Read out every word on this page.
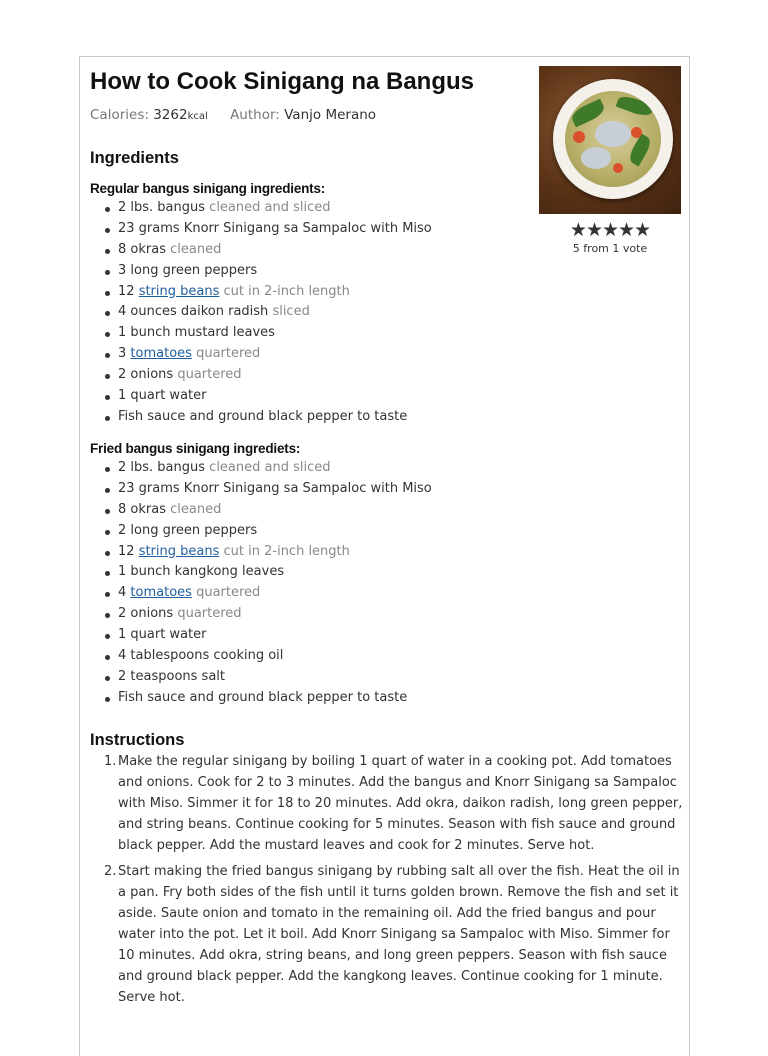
How to Cook Sinigang na Bangus
Calories: 3262kcal Author: Vanjo Merano
★★★★★
5 from 1 vote
Ingredients
Regular bangus sinigang ingredients:
2 lbs. bangus cleaned and sliced
23 grams Knorr Sinigang sa Sampaloc with Miso
8 okras cleaned
3 long green peppers
12 string beans cut in 2-inch length
4 ounces daikon radish sliced
1 bunch mustard leaves
3 tomatoes quartered
2 onions quartered
1 quart water
Fish sauce and ground black pepper to taste
Fried bangus sinigang ingrediets:
2 lbs. bangus cleaned and sliced
23 grams Knorr Sinigang sa Sampaloc with Miso
8 okras cleaned
2 long green peppers
12 string beans cut in 2-inch length
1 bunch kangkong leaves
4 tomatoes quartered
2 onions quartered
1 quart water
4 tablespoons cooking oil
2 teaspoons salt
Fish sauce and ground black pepper to taste
Instructions
1. Make the regular sinigang by boiling 1 quart of water in a cooking pot. Add tomatoes and onions. Cook for 2 to 3 minutes. Add the bangus and Knorr Sinigang sa Sampaloc with Miso. Simmer it for 18 to 20 minutes. Add okra, daikon radish, long green pepper, and string beans. Continue cooking for 5 minutes. Season with fish sauce and ground black pepper. Add the mustard leaves and cook for 2 minutes. Serve hot.
2. Start making the fried bangus sinigang by rubbing salt all over the fish. Heat the oil in a pan. Fry both sides of the fish until it turns golden brown. Remove the fish and set it aside. Saute onion and tomato in the remaining oil. Add the fried bangus and pour water into the pot. Let it boil. Add Knorr Sinigang sa Sampaloc with Miso. Simmer for 10 minutes. Add okra, string beans, and long green peppers. Season with fish sauce and ground black pepper. Add the kangkong leaves. Continue cooking for 1 minute. Serve hot.
